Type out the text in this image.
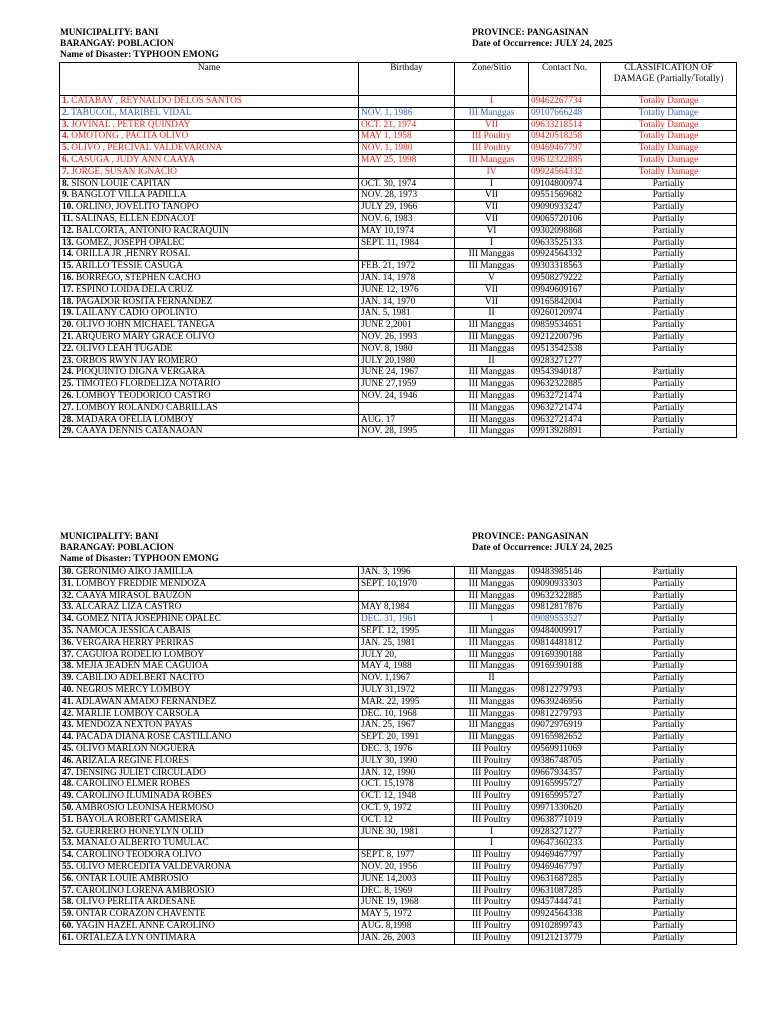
MUNICIPALITY: BANI
BARANGAY: POBLACION
Name of Disaster: TYPHOON EMONG
PROVINCE: PANGASINAN
Date of Occurrence: JULY 24, 2025
Name	Birthday	Zone/Sitio	Contact No.	CLASSIFICATION OF DAMAGE (Partially/Totally)
1. CATABAY , REYNALDO DELOS SANTOS		I	09462267734	Totally Damage
2. TABUCOL, MARIBEL VIDAL	NOV. 1, 1986	III Manggas	09107666248	Totally Damage
3. JOVINAL , PETER QUINDAY	OCT. 21, 1974	VII	09633218514	Totally Damage
4. OMOTONG , PACITA OLIVO	MAY 1, 1958	III Poultry	09420518258	Totally Damage
5. OLIVO , PERCIVAL VALDEVARONA	NOV. 1, 1980	III Poultry	09469467797	Totally Damage
6. CASUGA , JUDY ANN CAAYA	MAY 25, 1998	III Manggas	09632322885	Totally Damage
7. JORGE, SUSAN IGNACIO		IV	09924564332	Totally Damage
8. SISON LOUIE CAPITAN	OCT. 30, 1974	I	09104800974	Partially
9. BANGLOT VILLA PADILLA	NOV. 28, 1973	VII	09551569682	Partially
10. ORLINO, JOVELITO TANOPO	JULY 29, 1966	VII	09090933247	Partially
11. SALINAS, ELLEN EDNACOT	NOV. 6, 1983	VII	09065720106	Partially
12. BALCORTA, ANTONIO RACRAQUIN	MAY 10,1974	VI	09302098868	Partially
13. GOMEZ, JOSEPH OPALEC	SEPT. 11, 1984	I	09633525133	Partially
14. ORILLA JR ,HENRY ROSAL		III Manggas	09924564332	Partially
15. ARILLO TESSIE CASUGA	FEB. 21, 1972	III Manggas	09303318563	Partially
16. BORREGO, STEPHEN CACHO	JAN. 14, 1978	V	09508279222	Partially
17. ESPINO LOIDA DELA CRUZ	JUNE 12, 1976	VII	09949609167	Partially
18. PAGADOR ROSITA FERNANDEZ	JAN. 14, 1970	VII	09165842004	Partially
19. LAILANY CADIO OPOLINTO	JAN. 5, 1981	II	09260120974	Partially
20. OLIVO JOHN MICHAEL TANEGA	JUNE 2,2001	III Manggas	09859534651	Partially
21. ARQUERO MARY GRACE OLIVO	NOV. 26, 1993	III Manggas	09212200796	Partially
22. OLIVO LEAH TUGADE	NOV. 8, 1980	III Manggas	09513542538	Partially
23. ORBOS RWYN JAY ROMERO	JULY 20,1980	II	09283271277	
24. PIOQUINTO DIGNA VERGARA	JUNE 24, 1967	III Manggas	09543940187	Partially
25. TIMOTEO FLORDELIZA NOTARIO	JUNE 27,1959	III Manggas	09632322885	Partially
26. LOMBOY TEODORICO CASTRO	NOV. 24, 1946	III Manggas	09632721474	Partially
27. LOMBOY ROLANDO CABRILLAS		III Manggas	09632721474	Partially
28. MADARA OFELIA LOMBOY	AUG. 17	III Manggas	09632721474	Partially
29. CAAYA DENNIS CATANAOAN	NOV. 28, 1995	III Manggas	09913928891	Partially
MUNICIPALITY: BANI
BARANGAY: POBLACION
Name of Disaster: TYPHOON EMONG
PROVINCE: PANGASINAN
Date of Occurrence: JULY 24, 2025
30. GERONIMO AIKO JAMILLA	JAN. 3, 1996	III Manggas	09483985146	Partially
31. LOMBOY FREDDIE MENDOZA	SEPT. 10,1970	III Manggas	09090933303	Partially
32. CAAYA MIRASOL BAUZON		III Manggas	09632322885	Partially
33. ALCARAZ LIZA CASTRO	MAY 8,1984	III Manggas	09812817876	Partially
34. GOMEZ NITA JOSEPHINE OPALEC	DEC. 31, 1961	I	09089553527	Partially
35. NAMOCA JESSICA CABAIS	SEPT. 12, 1995	III Manggas	09484009917	Partially
36. VERGARA HERRY PERIRAS	JAN. 25, 1981	III Manggas	09814481812	Partially
37. CAGUIOA RODELIO LOMBOY	JULY 20,	III Manggas	09169390188	Partially
38. MEJIA JEADEN MAE CAGUIOA	MAY 4, 1988	III Manggas	09169390188	Partially
39. CABILDO ADELBERT NACITO	NOV. 1,1967	II		Partially
40. NEGROS MERCY LOMBOY	JULY 31,1972	III Manggas	09812279793	Partially
41. ADLAWAN AMADO FERNANDEZ	MAR. 22, 1995	III Manggas	09639246956	Partially
42. MARLIE LOMBOY CARSOLA	DEC. 10, 1968	III Manggas	09812279793	Partially
43. MENDOZA NEXTON PAYAS	JAN. 25, 1967	III Manggas	09072976919	Partially
44. PACADA DIANA ROSE CASTILLANO	SEPT. 20, 1991	III Manggas	09165982652	Partially
45. OLIVO MARLON NOGUERA	DEC. 3, 1976	III Poultry	09569911069	Partially
46. ARIZALA REGINE FLORES	JULY 30, 1990	III Poultry	09386748705	Partially
47. DENSING JULIET CIRCULADO	JAN. 12, 1990	III Poultry	09667934357	Partially
48. CAROLINO ELMER ROBES	OCT. 15,1978	III Poultry	09165995727	Partially
49. CAROLINO ILUMINADA ROBES	OCT. 12, 1948	III Poultry	09165995727	Partially
50. AMBROSIO LEONISA HERMOSO	OCT. 9, 1972	III Poultry	09971330620	Partially
51. BAYOLA ROBERT GAMISERA	OCT. 12	III Poultry	09638771019	Partially
52. GUERRERO HONEYLYN OLID	JUNE 30, 1981	I	09283271277	Partially
53. MANALO ALBERTO TUMULAC		I	09647360233	Partially
54. CAROLINO TEODORA OLIVO	SEPT. 8, 1977	III Poultry	09469467797	Partially
55. OLIVO MERCEDITA VALDEVARONA	NOV. 20, 1956	III Poultry	09469467797	Partially
56. ONTAR LOUIE AMBROSIO	JUNE 14,2003	III Poultry	09631687285	Partially
57. CAROLINO LORENA AMBROSIO	DEC. 8, 1969	III Poultry	09631087285	Partially
58. OLIVO PERLITA ARDESANE	JUNE 19, 1968	III Poultry	09457444741	Partially
59. ONTAR CORAZON CHAVENTE	MAY 5, 1972	III Poultry	09924564338	Partially
60. YAGIN HAZEL ANNE CAROLINO	AUG. 8,1998	III Poultry	09102899743	Partially
61. ORTALEZA LYN ONTIMARA	JAN. 26, 2003	III Poultry	09121213779	Partially
